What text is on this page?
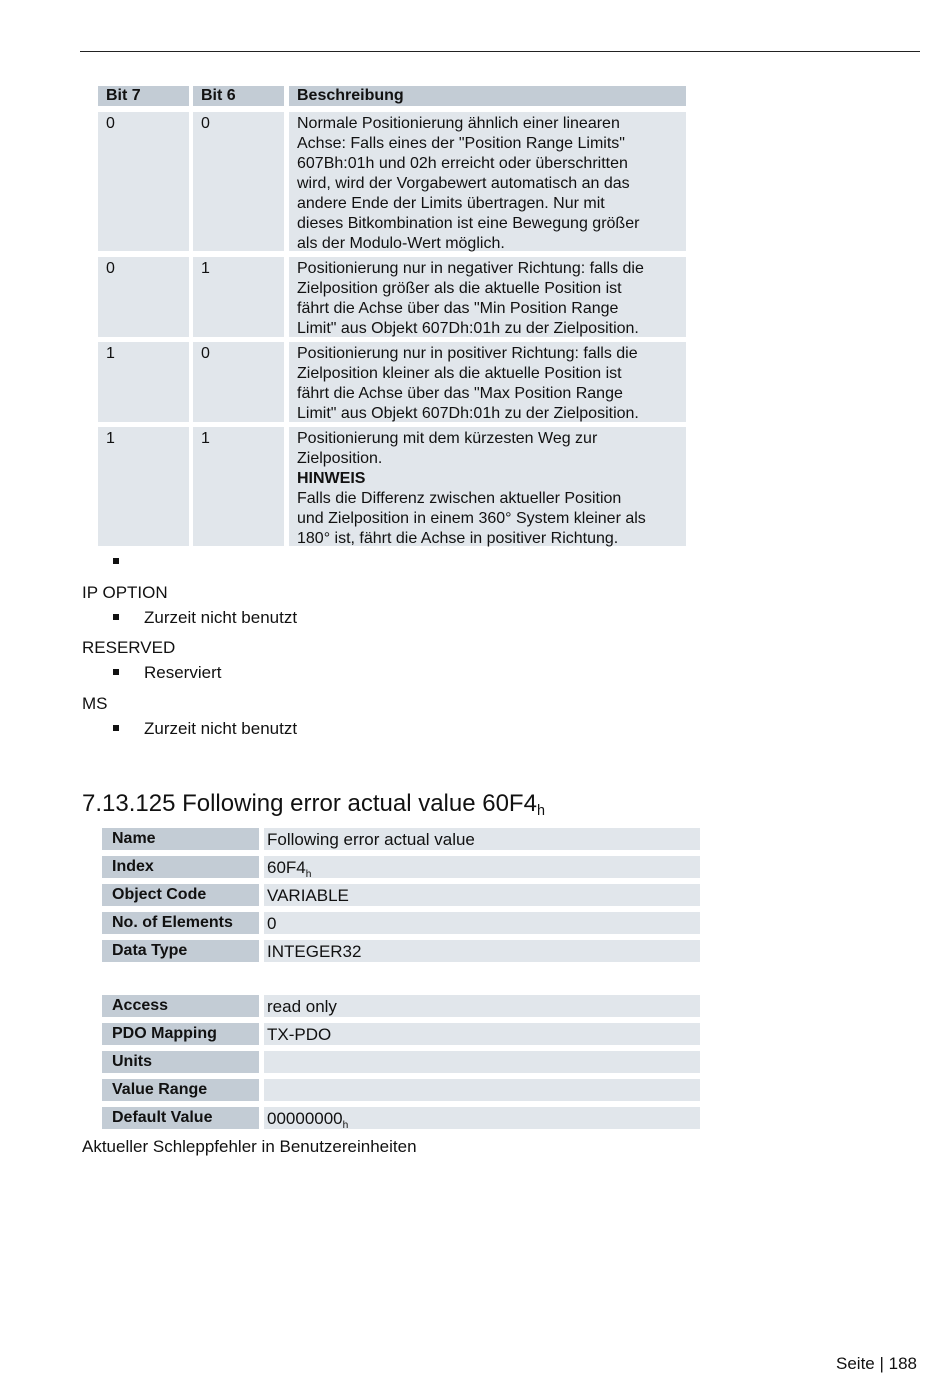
Bit 7	Bit 6	Beschreibung
0	0	Normale Positionierung ähnlich einer linearen
Achse: Falls eines der "Position Range Limits"
607Bh:01h und 02h erreicht oder überschritten
wird, wird der Vorgabewert automatisch an das
andere Ende der Limits übertragen. Nur mit
dieses Bitkombination ist eine Bewegung größer
als der Modulo-Wert möglich.
0	1	Positionierung nur in negativer Richtung: falls die
Zielposition größer als die aktuelle Position ist
fährt die Achse über das "Min Position Range
Limit" aus Objekt 607Dh:01h zu der Zielposition.
1	0	Positionierung nur in positiver Richtung: falls die
Zielposition kleiner als die aktuelle Position ist
fährt die Achse über das "Max Position Range
Limit" aus Objekt 607Dh:01h zu der Zielposition.
1	1	Positionierung mit dem kürzesten Weg zur
Zielposition.
HINWEIS
Falls die Differenz zwischen aktueller Position
und Zielposition in einem 360° System kleiner als
180° ist, fährt die Achse in positiver Richtung.
IP OPTION
Zurzeit nicht benutzt
RESERVED
Reserviert
MS
Zurzeit nicht benutzt
7.13.125 Following error actual value $60F4_h$
Name	Following error actual value
Index	$60F4_h$
Object Code	VARIABLE
No. of Elements	0
Data Type	INTEGER32
Access	read only
PDO Mapping	TX-PDO
Units
Value Range
Default Value	$00000000_h$
Aktueller Schleppfehler in Benutzereinheiten
Seite | 188
